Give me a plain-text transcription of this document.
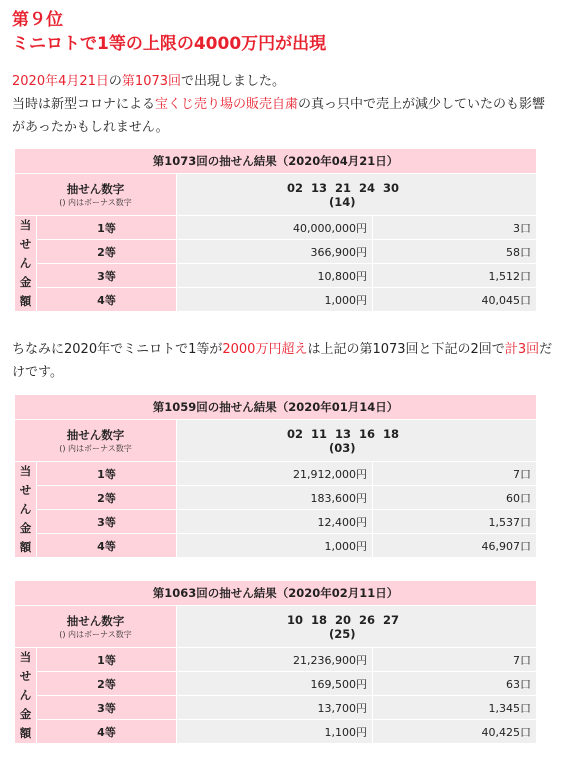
第９位
ミニロトで1等の上限の4000万円が出現
2020年4月21日の第1073回で出現しました。
当時は新型コロナによる宝くじ売り場の販売自粛の真っ只中で売上が減少していたのも影響があったかもしれません。
第1073回の抽せん結果（2020年04月21日）			

抽せん数字
() 内はボーナス数字		02  13  21  24  30
(14)	

当
せ
ん
金
額	1等	40,000,000円	3口
	2等	366,900円	58口
	3等	10,800円	1,512口
	4等	1,000円	40,045口
ちなみに2020年でミニロトで1等が2000万円超えは上記の第1073回と下記の2回で計3回だけです。
第1059回の抽せん結果（2020年01月14日）			

抽せん数字
() 内はボーナス数字		02  11  13  16  18
(03)	

当
せ
ん
金
額	1等	21,912,000円	7口
	2等	183,600円	60口
	3等	12,400円	1,537口
	4等	1,000円	46,907口
第1063回の抽せん結果（2020年02月11日）			

抽せん数字
() 内はボーナス数字		10  18  20  26  27
(25)	

当
せ
ん
金
額	1等	21,236,900円	7口
	2等	169,500円	63口
	3等	13,700円	1,345口
	4等	1,100円	40,425口
